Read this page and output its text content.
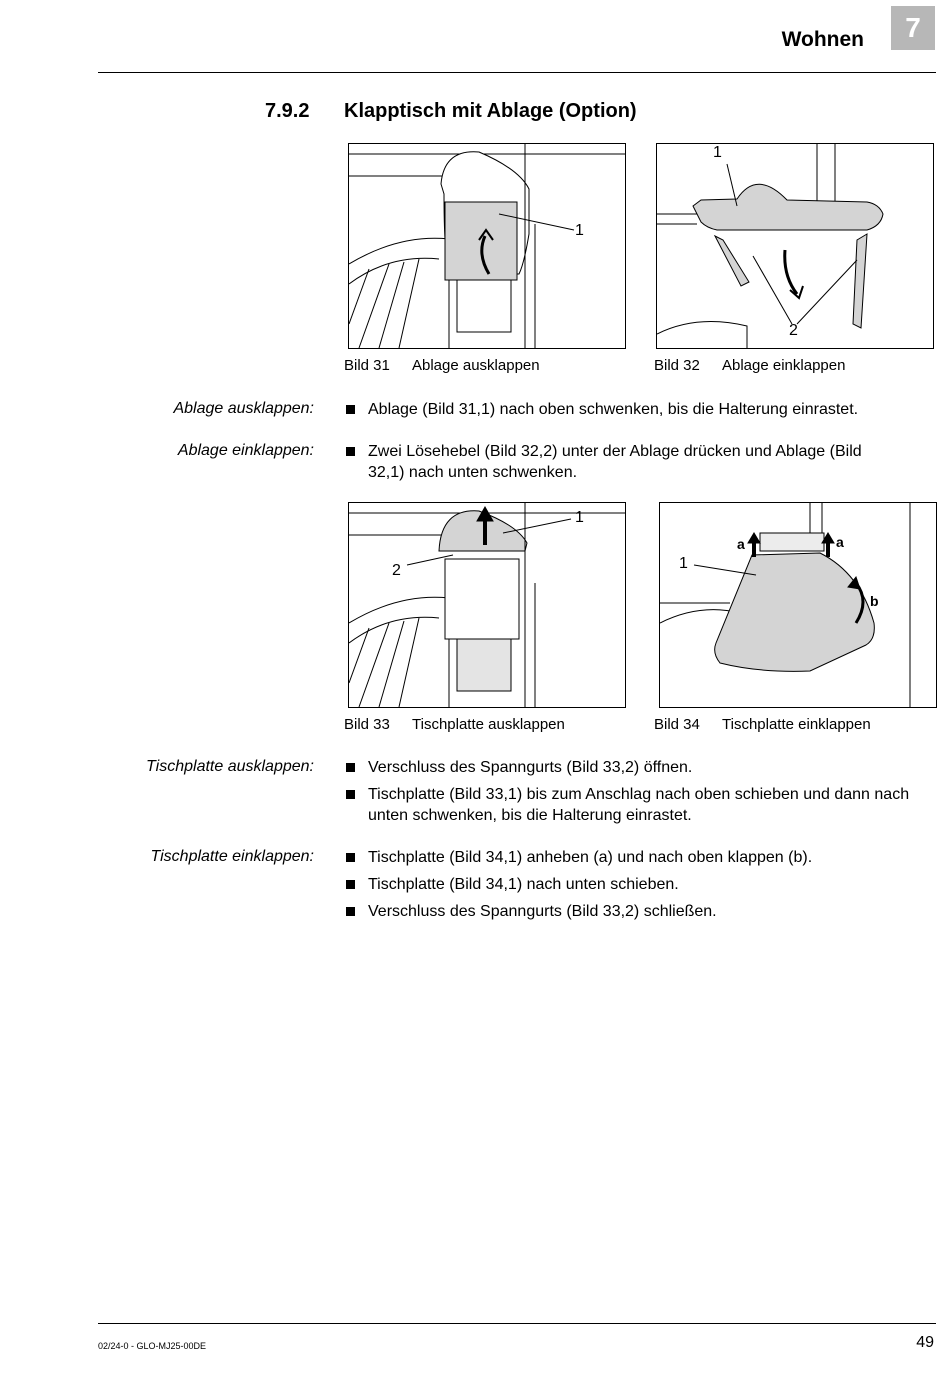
Wohnen	7
7.9.2 Klapptisch mit Ablage (Option)
1
Bild 31 Ablage ausklappen
1
2
Bild 32 Ablage einklappen
Ablage ausklappen:	Ablage (Bild 31,1) nach oben schwenken, bis die Halterung einrastet.
Ablage einklappen:	Zwei Lösehebel (Bild 32,2) unter der Ablage drücken und Ablage (Bild 32,1) nach unten schwenken.
1
2
Bild 33 Tischplatte ausklappen
a	a
1
b
Bild 34 Tischplatte einklappen
Tischplatte ausklappen:	Verschluss des Spanngurts (Bild 33,2) öffnen.
Tischplatte (Bild 33,1) bis zum Anschlag nach oben schieben und dann nach unten schwenken, bis die Halterung einrastet.
Tischplatte einklappen:	Tischplatte (Bild 34,1) anheben (a) und nach oben klappen (b).
Tischplatte (Bild 34,1) nach unten schieben.
Verschluss des Spanngurts (Bild 33,2) schließen.
02/24-0 - GLO-MJ25-00DE	49
